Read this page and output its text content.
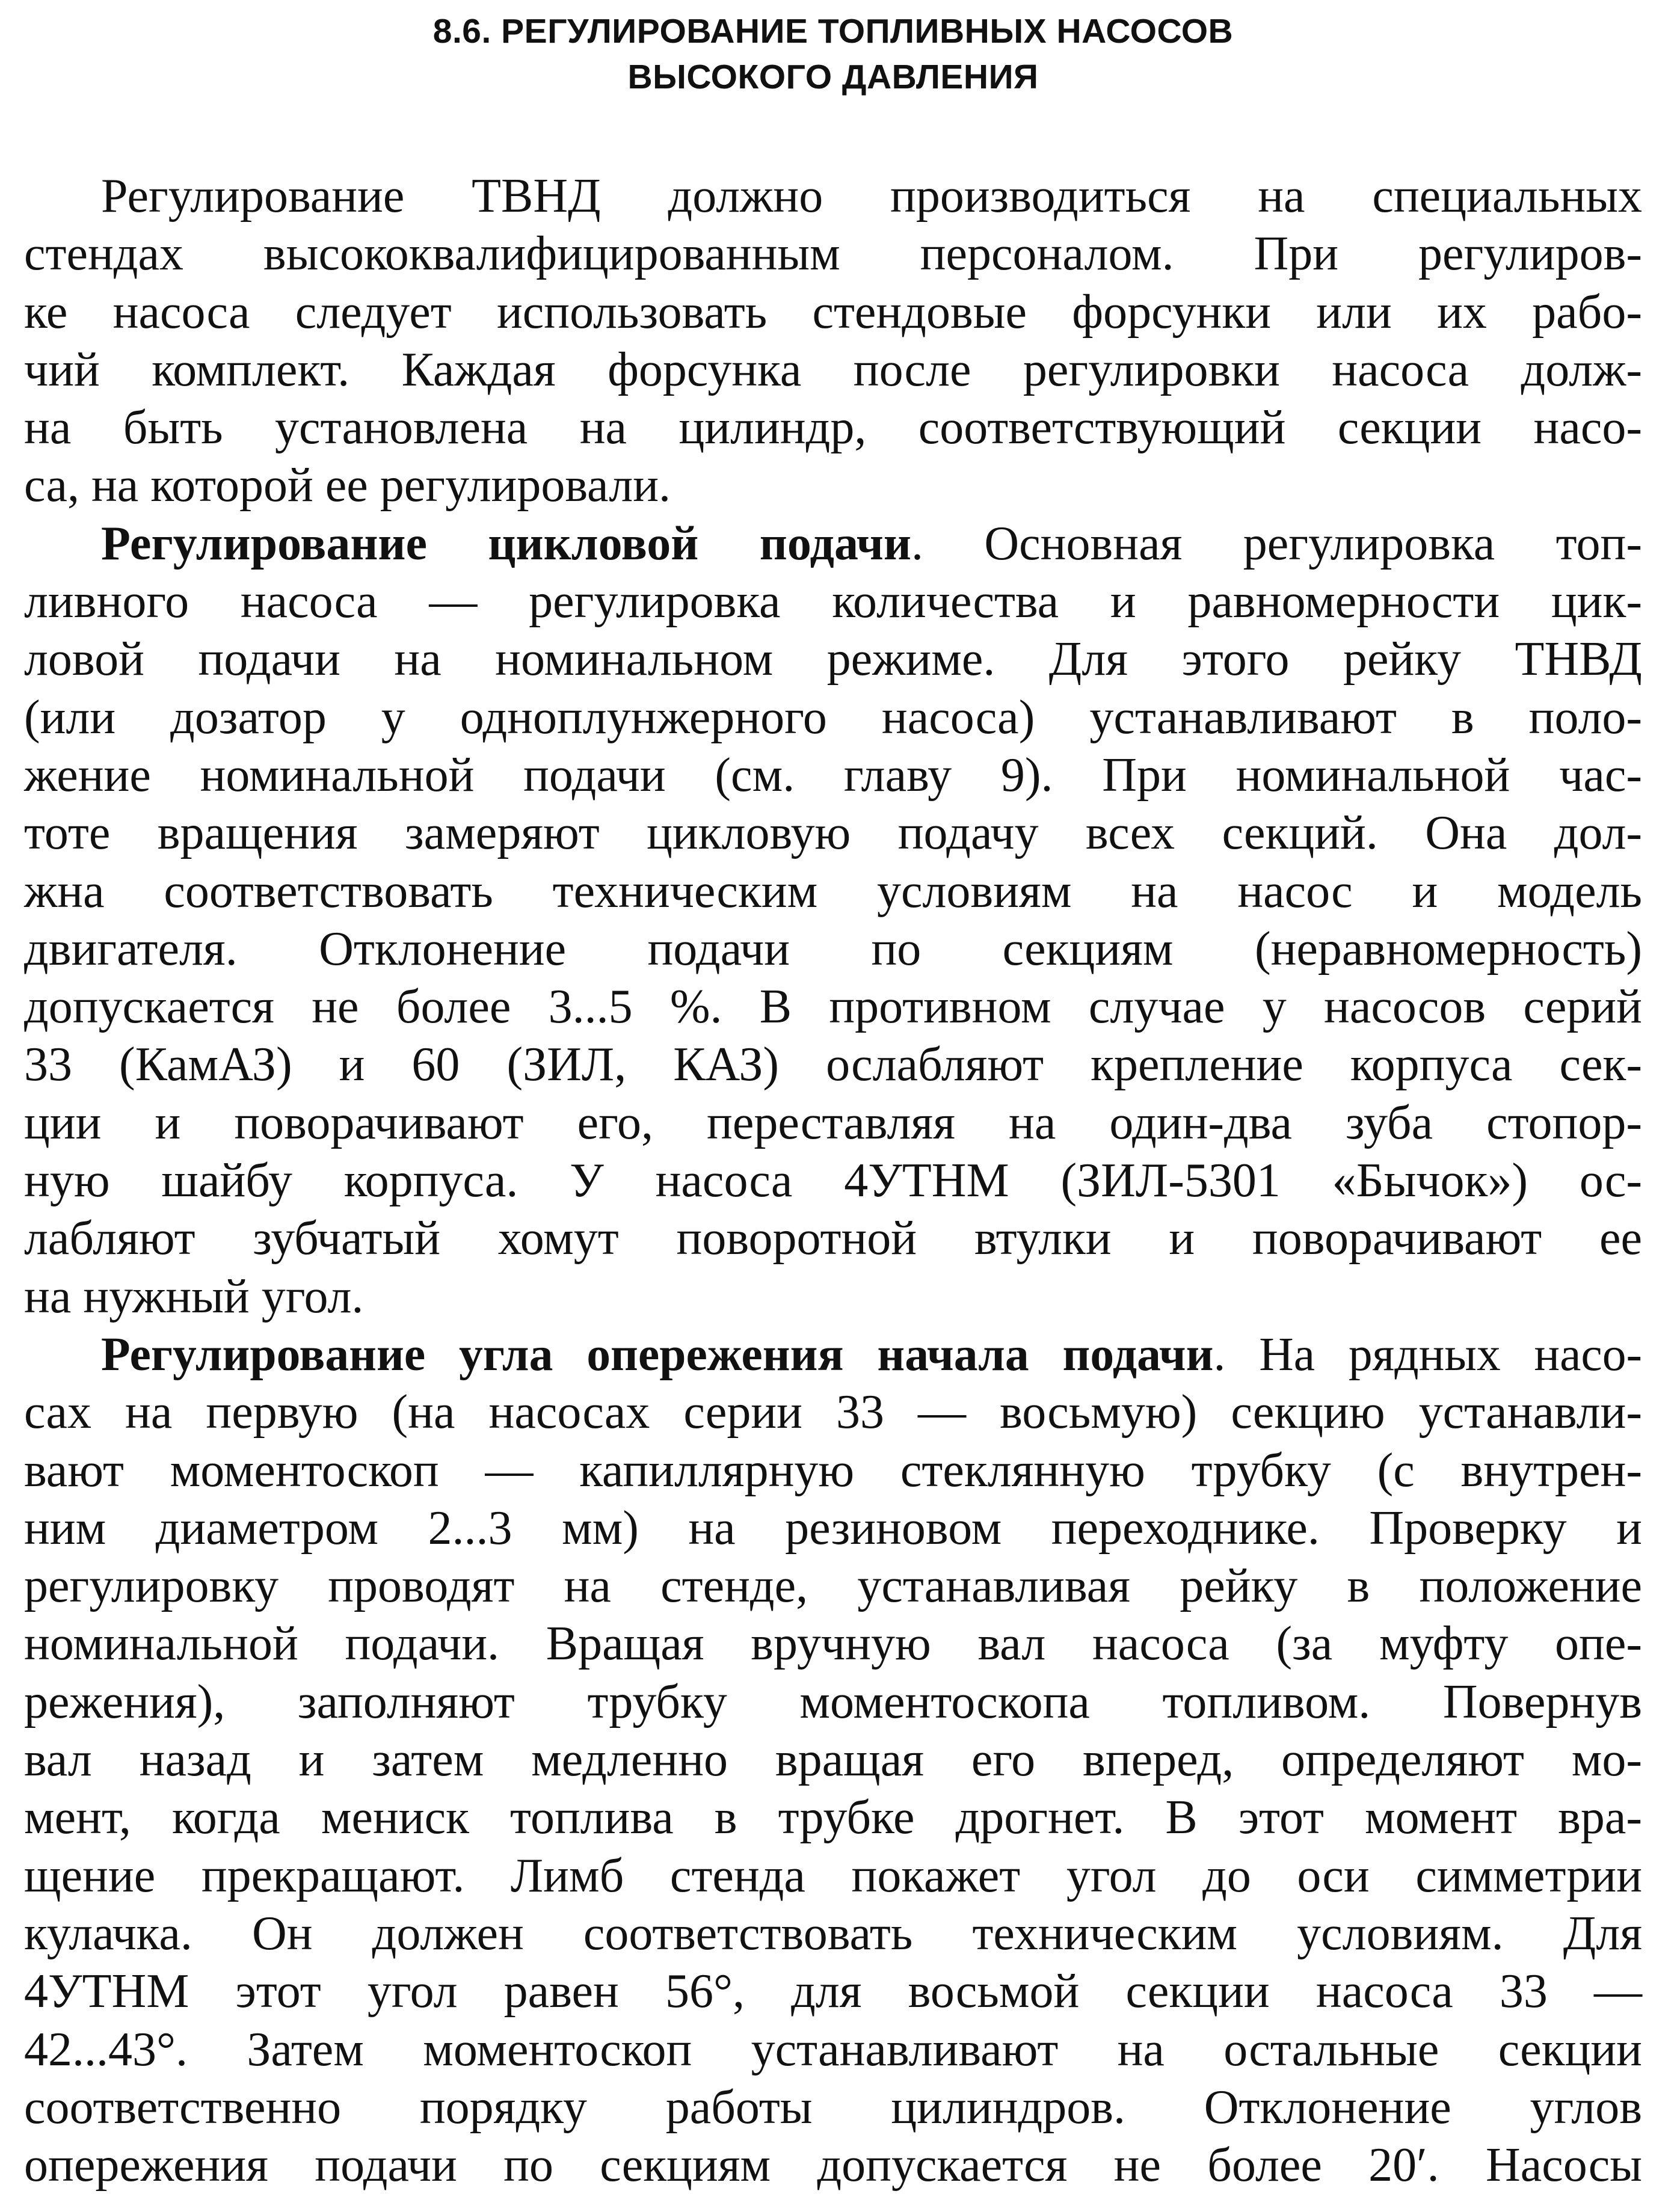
8.6. РЕГУЛИРОВАНИЕ ТОПЛИВНЫХ НАСОСОВ
ВЫСОКОГО ДАВЛЕНИЯ

Регулирование ТВНД должно производиться на специальных
стендах высококвалифицированным персоналом. При регулиров-
ке насоса следует использовать стендовые форсунки или их рабо-
чий комплект. Каждая форсунка после регулировки насоса долж-
на быть установлена на цилиндр, соответствующий секции насо-
са, на которой ее регулировали.

Регулирование цикловой подачи. Основная регулировка топ-
ливного насоса — регулировка количества и равномерности цик-
ловой подачи на номинальном режиме. Для этого рейку ТНВД
(или дозатор у одноплунжерного насоса) устанавливают в поло-
жение номинальной подачи (см. главу 9). При номинальной час-
тоте вращения замеряют цикловую подачу всех секций. Она дол-
жна соответствовать техническим условиям на насос и модель
двигателя. Отклонение подачи по секциям (неравномерность)
допускается не более 3...5 %. В противном случае у насосов серий
33 (КамАЗ) и 60 (ЗИЛ, КАЗ) ослабляют крепление корпуса сек-
ции и поворачивают его, переставляя на один-два зуба стопор-
ную шайбу корпуса. У насоса 4УТНМ (ЗИЛ-5301 «Бычок») ос-
лабляют зубчатый хомут поворотной втулки и поворачивают ее
на нужный угол.

Регулирование угла опережения начала подачи. На рядных насо-
сах на первую (на насосах серии 33 — восьмую) секцию устанавли-
вают моментоскоп — капиллярную стеклянную трубку (с внутрен-
ним диаметром 2...3 мм) на резиновом переходнике. Проверку и
регулировку проводят на стенде, устанавливая рейку в положение
номинальной подачи. Вращая вручную вал насоса (за муфту опе-
режения), заполняют трубку моментоскопа топливом. Повернув
вал назад и затем медленно вращая его вперед, определяют мо-
мент, когда мениск топлива в трубке дрогнет. В этот момент вра-
щение прекращают. Лимб стенда покажет угол до оси симметрии
кулачка. Он должен соответствовать техническим условиям. Для
4УТНМ этот угол равен 56°, для восьмой секции насоса 33 —
42...43°. Затем моментоскоп устанавливают на остальные секции
соответственно порядку работы цилиндров. Отклонение углов
опережения подачи по секциям допускается не более 20′. Насосы
